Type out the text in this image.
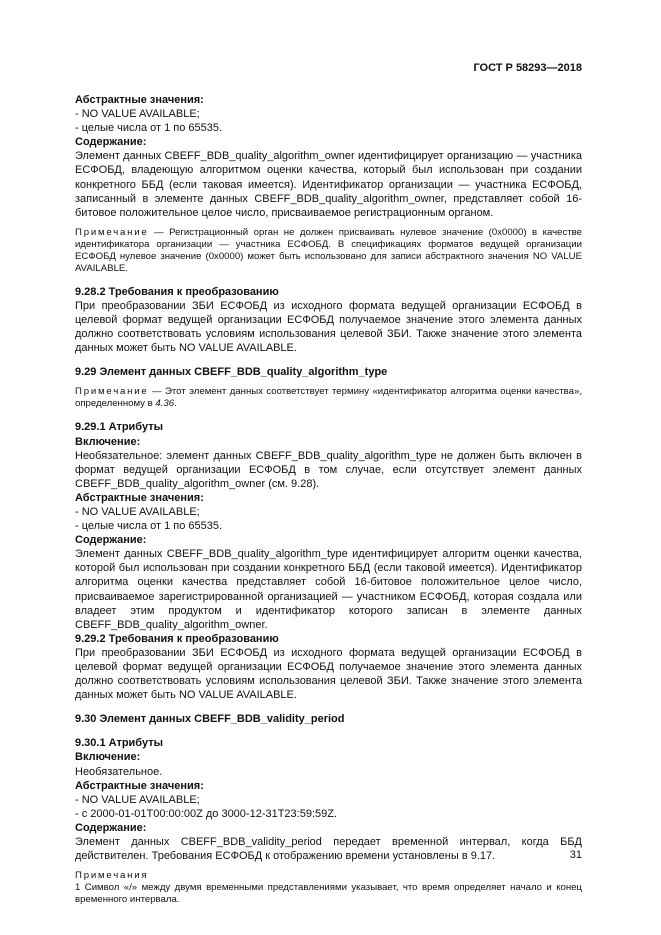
ГОСТ Р 58293—2018
Абстрактные значения:
- NO VALUE AVAILABLE;
- целые числа от 1 по 65535.
Содержание:

Элемент данных CBEFF_BDB_quality_algorithm_owner идентифицирует организацию — участника ЕСФОБД, владеющую алгоритмом оценки качества, который был использован при создании конкретного ББД (если таковая имеется). Идентификатор организации — участника ЕСФОБД, записанный в элементе данных CBEFF_BDB_quality_algorithm_owner, представляет собой 16-битовое положительное целое число, присваиваемое регистрационным органом.

Примечание — Регистрационный орган не должен присваивать нулевое значение (0x0000) в качестве идентификатора организации — участника ЕСФОБД. В спецификациях форматов ведущей организации ЕСФОБД нулевое значение (0x0000) может быть использовано для записи абстрактного значения NO VALUE AVAILABLE.

9.28.2 Требования к преобразованию

При преобразовании ЗБИ ЕСФОБД из исходного формата ведущей организации ЕСФОБД в целевой формат ведущей организации ЕСФОБД получаемое значение этого элемента данных должно соответствовать условиям использования целевой ЗБИ. Также значение этого элемента данных может быть NO VALUE AVAILABLE.

9.29 Элемент данных CBEFF_BDB_quality_algorithm_type

Примечание — Этот элемент данных соответствует термину «идентификатор алгоритма оценки качества», определенному в 4.36.

9.29.1 Атрибуты
Включение:

Необязательное: элемент данных CBEFF_BDB_quality_algorithm_type не должен быть включен в формат ведущей организации ЕСФОБД в том случае, если отсутствует элемент данных CBEFF_BDB_quality_algorithm_owner (см. 9.28).

Абстрактные значения:
- NO VALUE AVAILABLE;
- целые числа от 1 по 65535.
Содержание:

Элемент данных CBEFF_BDB_quality_algorithm_type идентифицирует алгоритм оценки качества, которой был использован при создании конкретного ББД (если таковой имеется). Идентификатор алгоритма оценки качества представляет собой 16-битовое положительное целое число, присваиваемое зарегистрированной организацией — участником ЕСФОБД, которая создала или владеет этим продуктом и идентификатор которого записан в элементе данных CBEFF_BDB_quality_algorithm_owner.

9.29.2 Требования к преобразованию

При преобразовании ЗБИ ЕСФОБД из исходного формата ведущей организации ЕСФОБД в целевой формат ведущей организации ЕСФОБД получаемое значение этого элемента данных должно соответствовать условиям использования целевой ЗБИ. Также значение этого элемента данных может быть NO VALUE AVAILABLE.

9.30 Элемент данных CBEFF_BDB_validity_period
9.30.1 Атрибуты
Включение:
Необязательное.
Абстрактные значения:
- NO VALUE AVAILABLE;
- с 2000-01-01T00:00:00Z до 3000-12-31T23:59:59Z.
Содержание:

Элемент данных CBEFF_BDB_validity_period передает временной интервал, когда ББД действителен. Требования ЕСФОБД к отображению времени установлены в 9.17.

Примечания

1 Символ «/» между двумя временными представлениями указывает, что время определяет начало и конец временного интервала.

31
